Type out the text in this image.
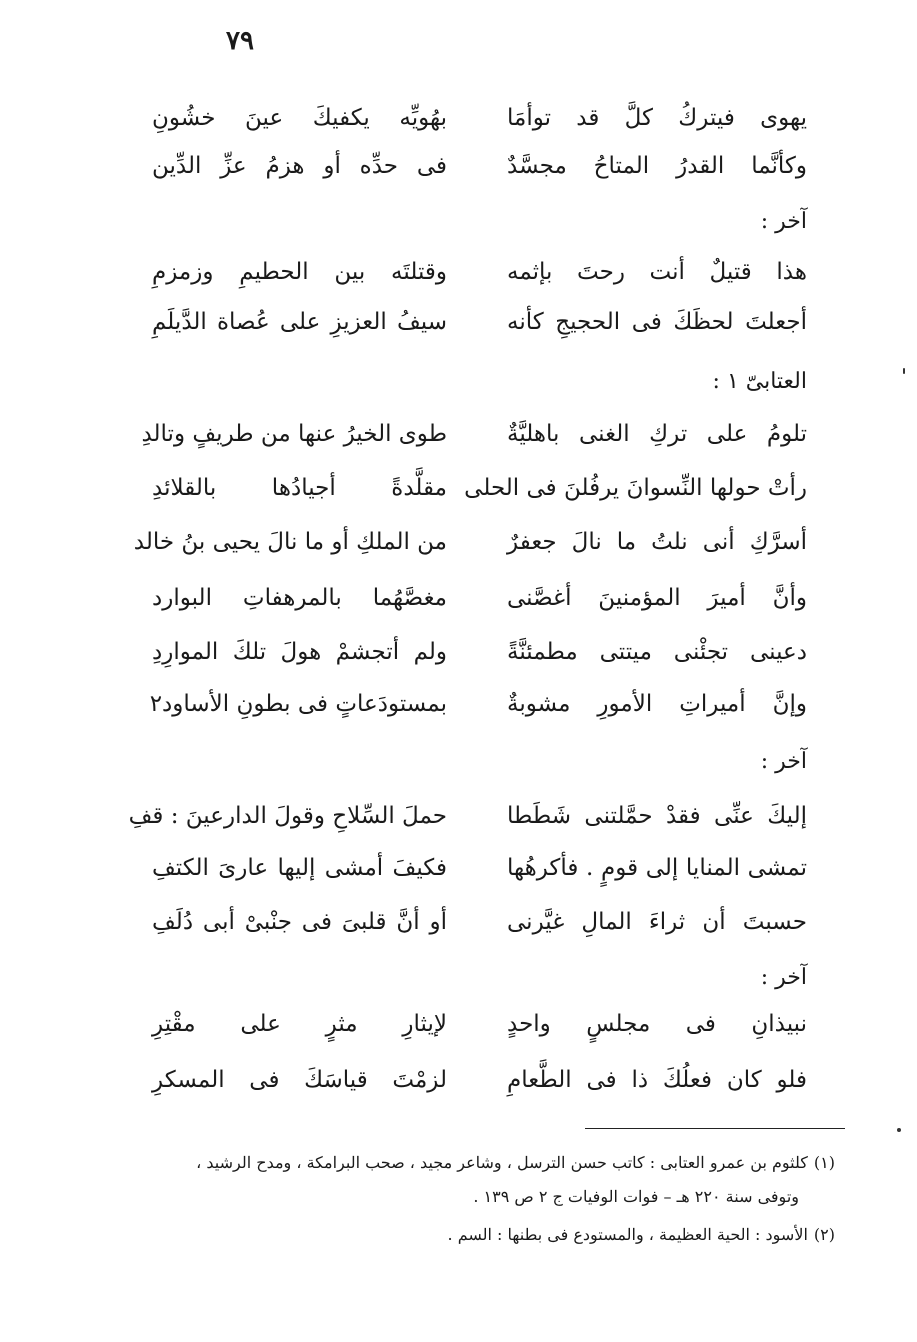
٧٩
يهوى فيتركُ كلَّ قد توأمَا
بهُويِّه يكفيكَ عينَ خشُونِ
وكأنَّما القدرُ المتاحُ مجسَّدٌ
فى حدِّه أو هزمُ عزِّ الدِّين
آخر :
هذا قتيلٌ أنت رحتَ بإثمه
وقتلتَه بين الحطيمِ وزمزمِ
أجعلتَ لحظَكَ فى الحجيجِ كأنه
سيفُ العزيزِ على عُصاة الدَّيلَمِ
العتابىّ ١ :
تلومُ على تركِ الغنى باهليَّةٌ
طوى الخيرُ عنها من طريفٍ وتالدِ
رأتْ حولها النِّسوانَ يرفُلنَ فى الحلى
مقلَّدةً أجيادُها بالقلائدِ
أسرَّكِ أنى نلتُ ما نالَ جعفرٌ
من الملكِ أو ما نالَ يحيى بنُ خالد
وأنَّ أميرَ المؤمنينَ أغصَّنى
مغصَّهُما بالمرهفاتِ البوارد
دعينى تجئْنى ميتتى مطمئنَّةً
ولم أتجشمْ هولَ تلكَ الموارِدِ
وإنَّ أميراتِ الأمورِ مشوبةٌ
بمستودَعاتٍ فى بطونِ الأساود٢
آخر :
إليكَ عنِّى فقدْ حمَّلتنى شَطَطا
حملَ السِّلاحِ وقولَ الدارعينَ : قفِ
تمشى المنايا إلى قومٍ . فأكرهُها
فكيفَ أمشى إليها عارىَ الكتفِ
حسبتَ أن ثراءَ المالِ غيَّرنى
أو أنَّ قلبىَ فى جنْبىْ أبى دُلَفِ
آخر :
نبيذانِ فى مجلسٍ واحدٍ
لإيثارِ مثرٍ على مقْتِرِ
فلو كان فعلُكَ ذا فى الطَّعامِ
لزمْتَ قياسَكَ فى المسكرِ
(١)كلثوم بن عمرو العتابى : كاتب حسن الترسل ، وشاعر مجيد ، صحب البرامكة ، ومدح الرشيد ،
وتوفى سنة ٢٢٠ هـ – فوات الوفيات ج ٢ ص ١٣٩ .
(٢)الأسود : الحية العظيمة ، والمستودع فى بطنها : السم .
